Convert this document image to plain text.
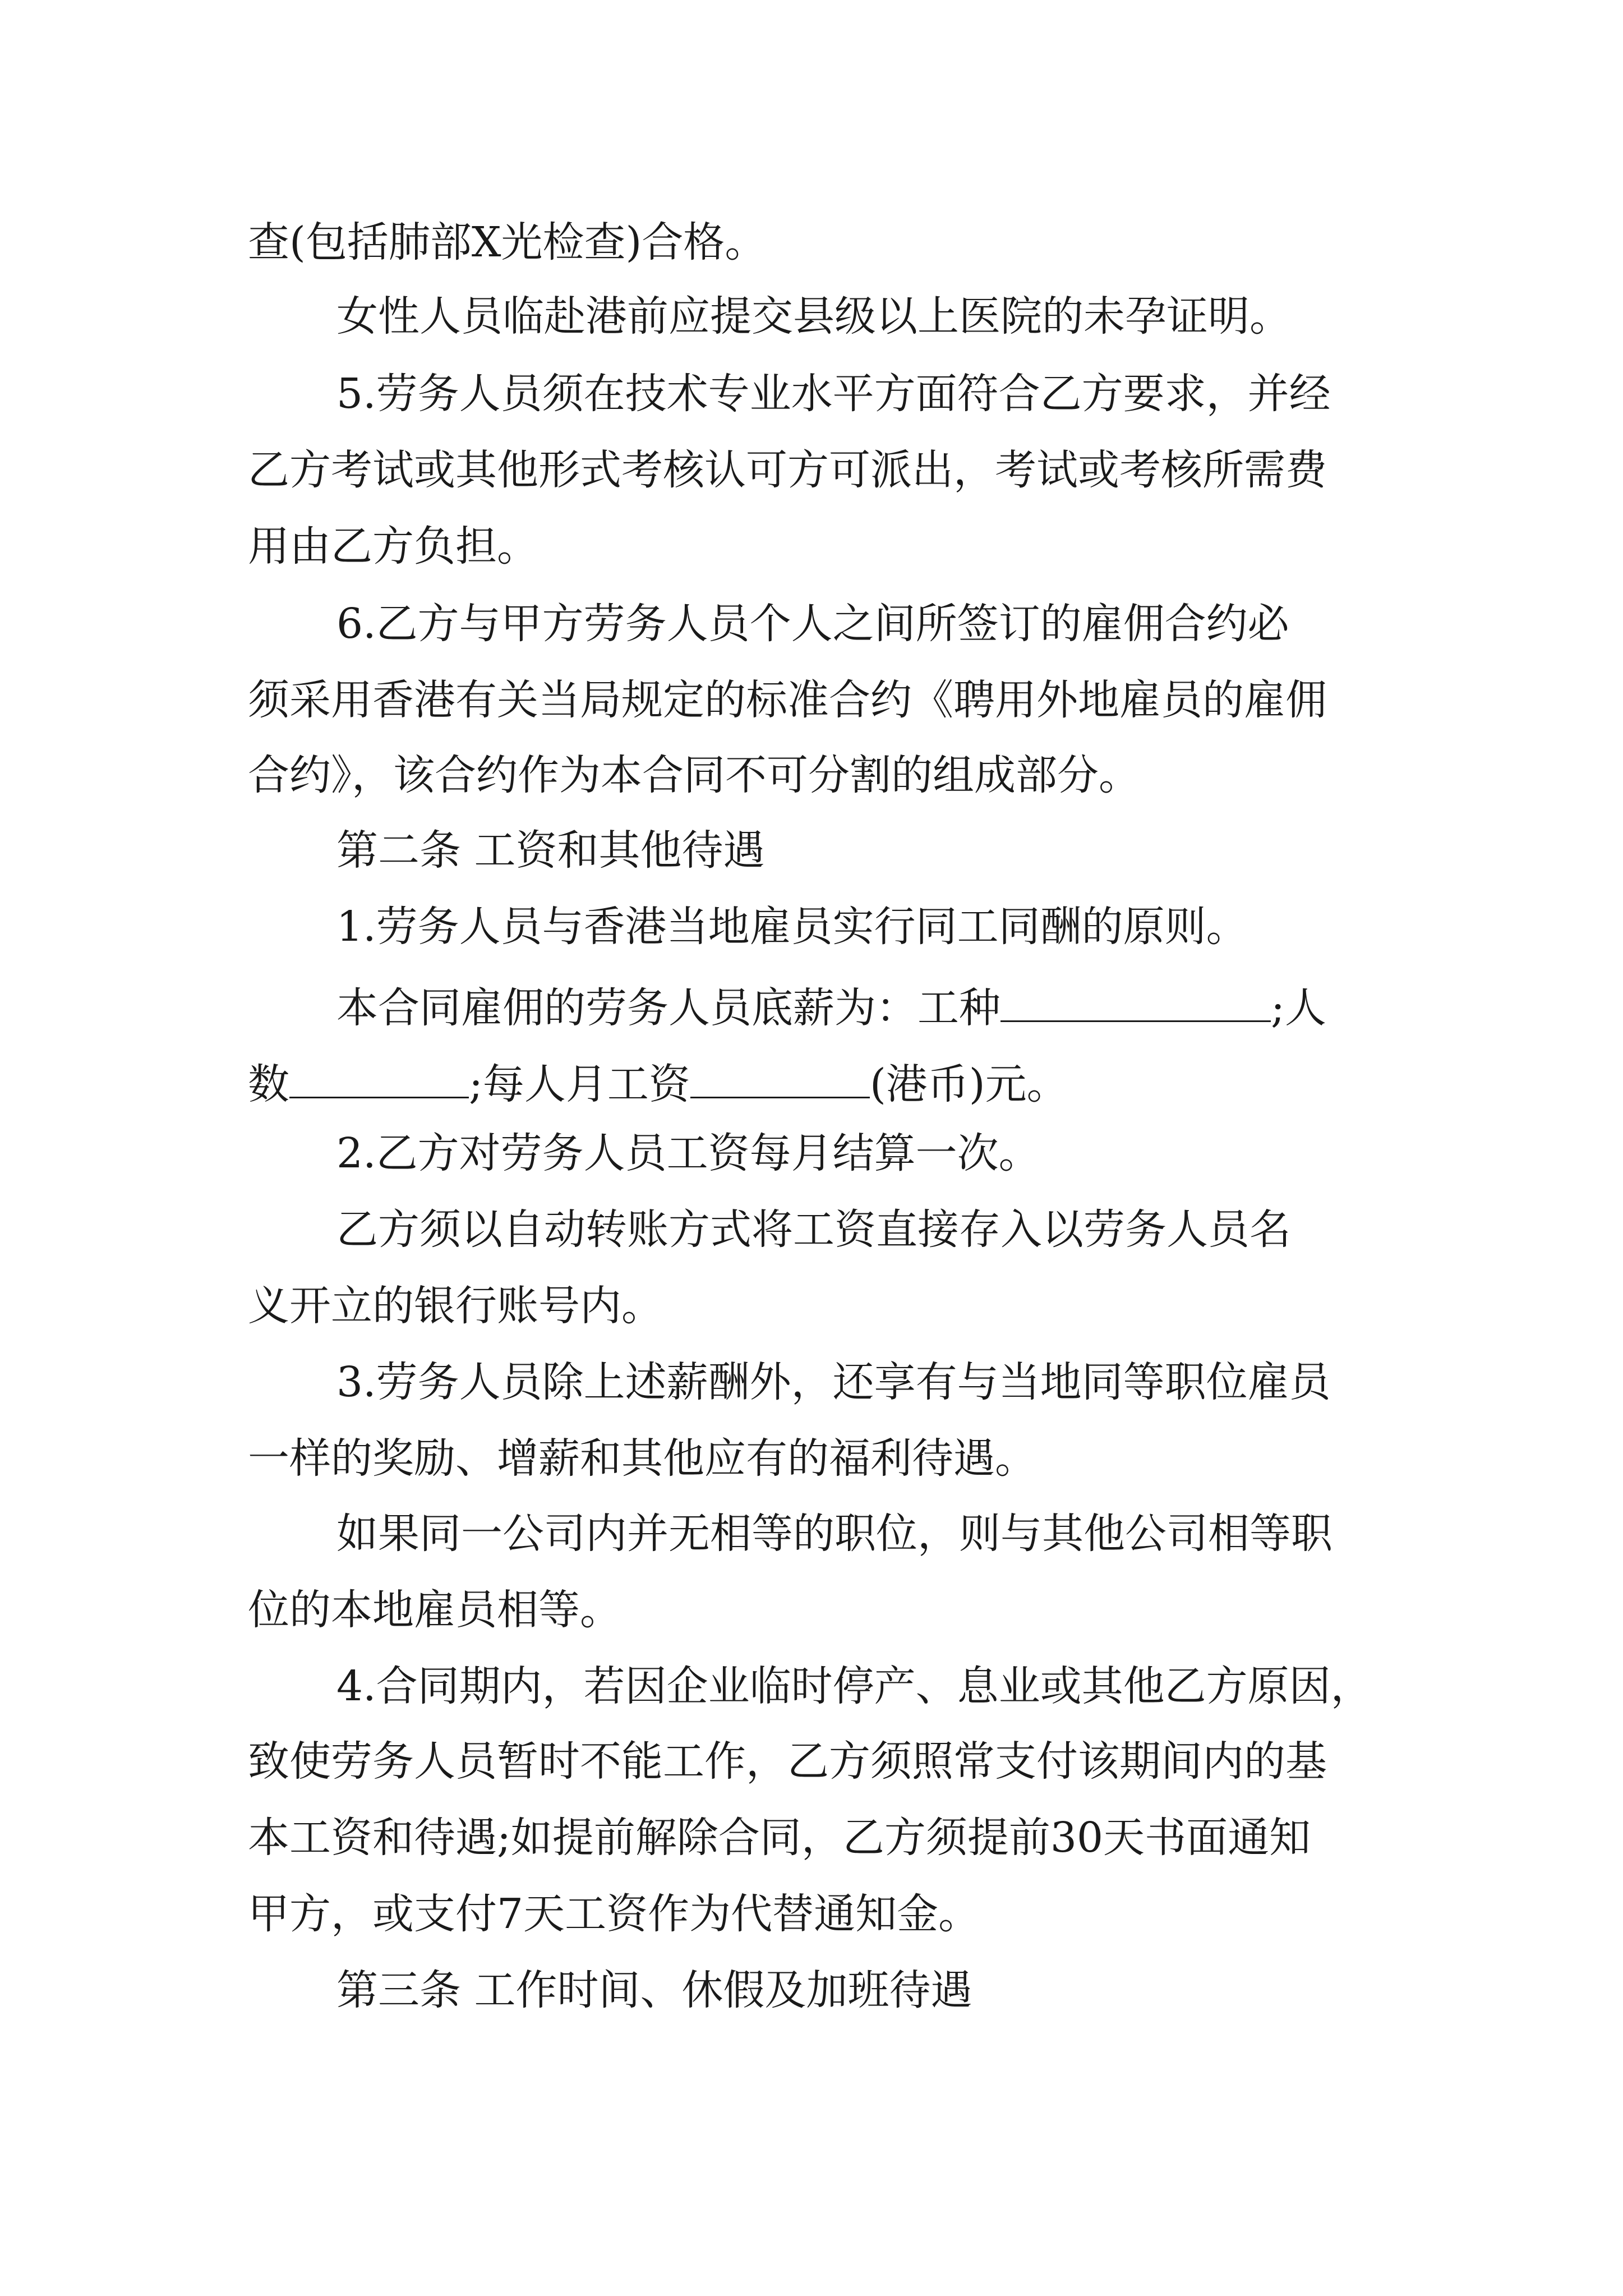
查(包括肺部X光检查)合格。
女性人员临赴港前应提交县级以上医院的未孕证明。
5.劳务人员须在技术专业水平方面符合乙方要求，并经
乙方考试或其他形式考核认可方可派出，考试或考核所需费
用由乙方负担。
6.乙方与甲方劳务人员个人之间所签订的雇佣合约必
须采用香港有关当局规定的标准合约《聘用外地雇员的雇佣
合约》，该合约作为本合同不可分割的组成部分。
第二条 工资和其他待遇
1.劳务人员与香港当地雇员实行同工同酬的原则。
本合同雇佣的劳务人员底薪为：工种	;人
数	;每人月工资	(港币)元。
2.乙方对劳务人员工资每月结算一次。
乙方须以自动转账方式将工资直接存入以劳务人员名
义开立的银行账号内。
3.劳务人员除上述薪酬外，还享有与当地同等职位雇员
一样的奖励、增薪和其他应有的福利待遇。
如果同一公司内并无相等的职位，则与其他公司相等职
位的本地雇员相等。
4.合同期内，若因企业临时停产、息业或其他乙方原因，
致使劳务人员暂时不能工作，乙方须照常支付该期间内的基
本工资和待遇;如提前解除合同，乙方须提前30天书面通知
甲方，或支付7天工资作为代替通知金。
第三条 工作时间、休假及加班待遇
